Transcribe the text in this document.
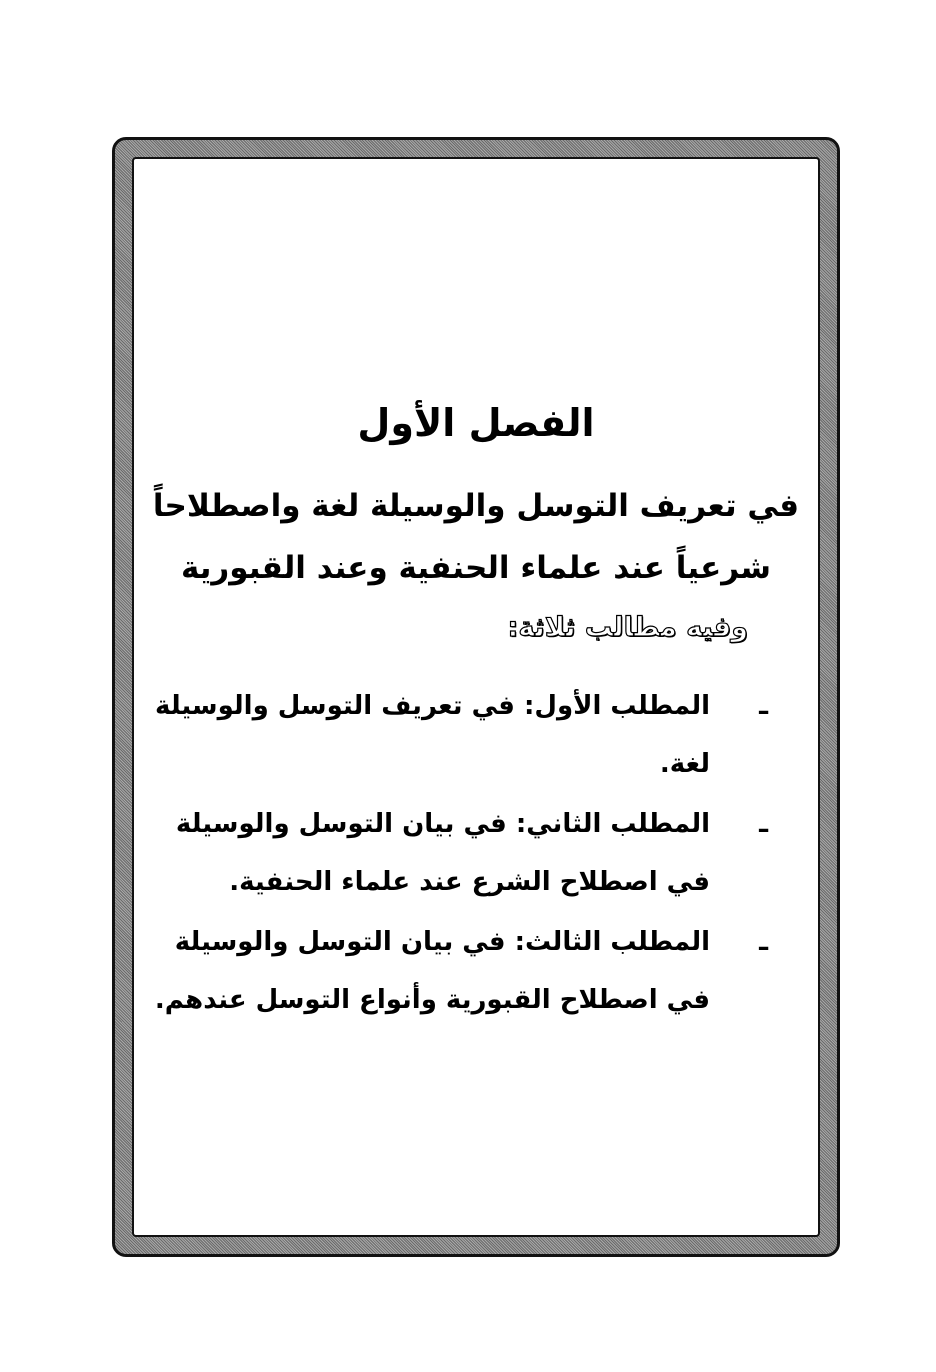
الفصل الأول
في تعريف التوسل والوسيلة لغة واصطلاحاً شرعياً عند علماء الحنفية وعند القبورية
وفيه مطالب ثلاثة:
ـ
المطلب الأول: في تعريف التوسل والوسيلة لغة.
ـ
المطلب الثاني: في بيان التوسل والوسيلة في اصطلاح الشرع عند علماء الحنفية.
ـ
المطلب الثالث: في بيان التوسل والوسيلة في اصطلاح القبورية وأنواع التوسل عندهم.
